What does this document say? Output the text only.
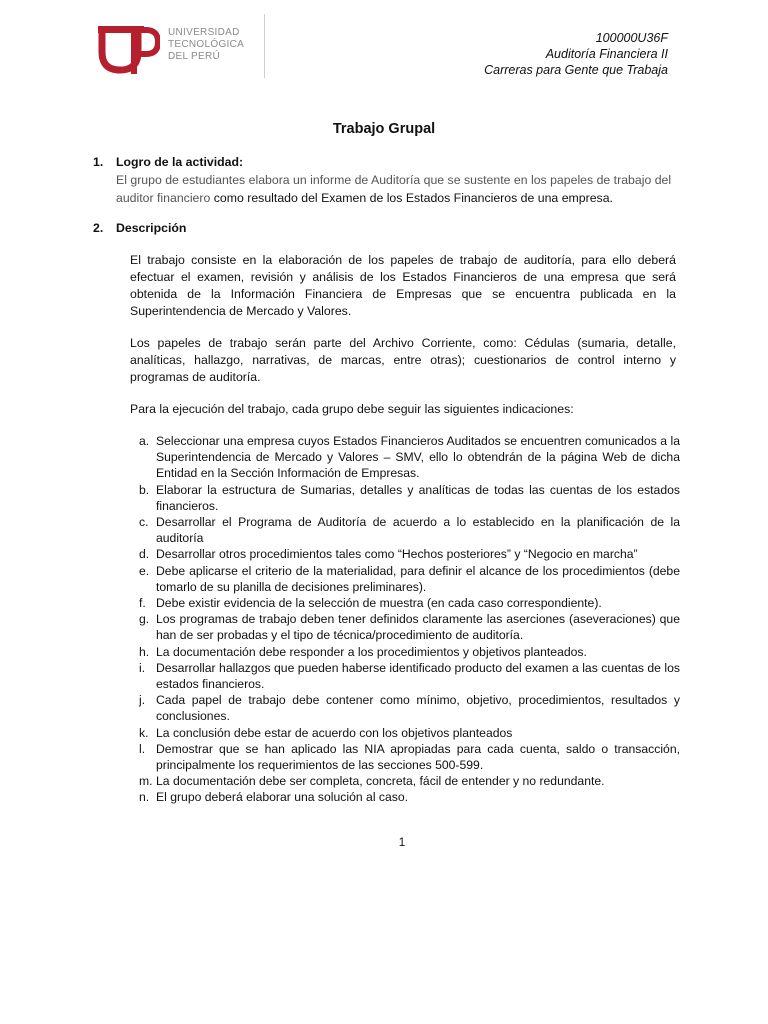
UNIVERSIDAD
TECNOLÓGICA
DEL PERÚ
100000U36F
Auditoría Financiera II
Carreras para Gente que Trabaja
Trabajo Grupal
1. Logro de la actividad:
El grupo de estudiantes elabora un informe de Auditoría que se sustente en los papeles de trabajo del auditor financiero como resultado del Examen de los Estados Financieros de una empresa.
2. Descripción
El trabajo consiste en la elaboración de los papeles de trabajo de auditoría, para ello deberá efectuar el examen, revisión y análisis de los Estados Financieros de una empresa que será obtenida de la Información Financiera de Empresas que se encuentra publicada en la Superintendencia de Mercado y Valores.
Los papeles de trabajo serán parte del Archivo Corriente, como: Cédulas (sumaria, detalle, analíticas, hallazgo, narrativas, de marcas, entre otras); cuestionarios de control interno y programas de auditoría.
Para la ejecución del trabajo, cada grupo debe seguir las siguientes indicaciones:
a. Seleccionar una empresa cuyos Estados Financieros Auditados se encuentren comunicados a la Superintendencia de Mercado y Valores – SMV, ello lo obtendrán de la página Web de dicha Entidad en la Sección Información de Empresas.
b. Elaborar la estructura de Sumarias, detalles y analíticas de todas las cuentas de los estados financieros.
c. Desarrollar el Programa de Auditoría de acuerdo a lo establecido en la planificación de la auditoría
d. Desarrollar otros procedimientos tales como “Hechos posteriores” y “Negocio en marcha”
e. Debe aplicarse el criterio de la materialidad, para definir el alcance de los procedimientos (debe tomarlo de su planilla de decisiones preliminares).
f. Debe existir evidencia de la selección de muestra (en cada caso correspondiente).
g. Los programas de trabajo deben tener definidos claramente las aserciones (aseveraciones) que han de ser probadas y el tipo de técnica/procedimiento de auditoría.
h. La documentación debe responder a los procedimientos y objetivos planteados.
i. Desarrollar hallazgos que pueden haberse identificado producto del examen a las cuentas de los estados financieros.
j. Cada papel de trabajo debe contener como mínimo, objetivo, procedimientos, resultados y conclusiones.
k. La conclusión debe estar de acuerdo con los objetivos planteados
l. Demostrar que se han aplicado las NIA apropiadas para cada cuenta, saldo o transacción, principalmente los requerimientos de las secciones 500-599.
m. La documentación debe ser completa, concreta, fácil de entender y no redundante.
n. El grupo deberá elaborar una solución al caso.
1
